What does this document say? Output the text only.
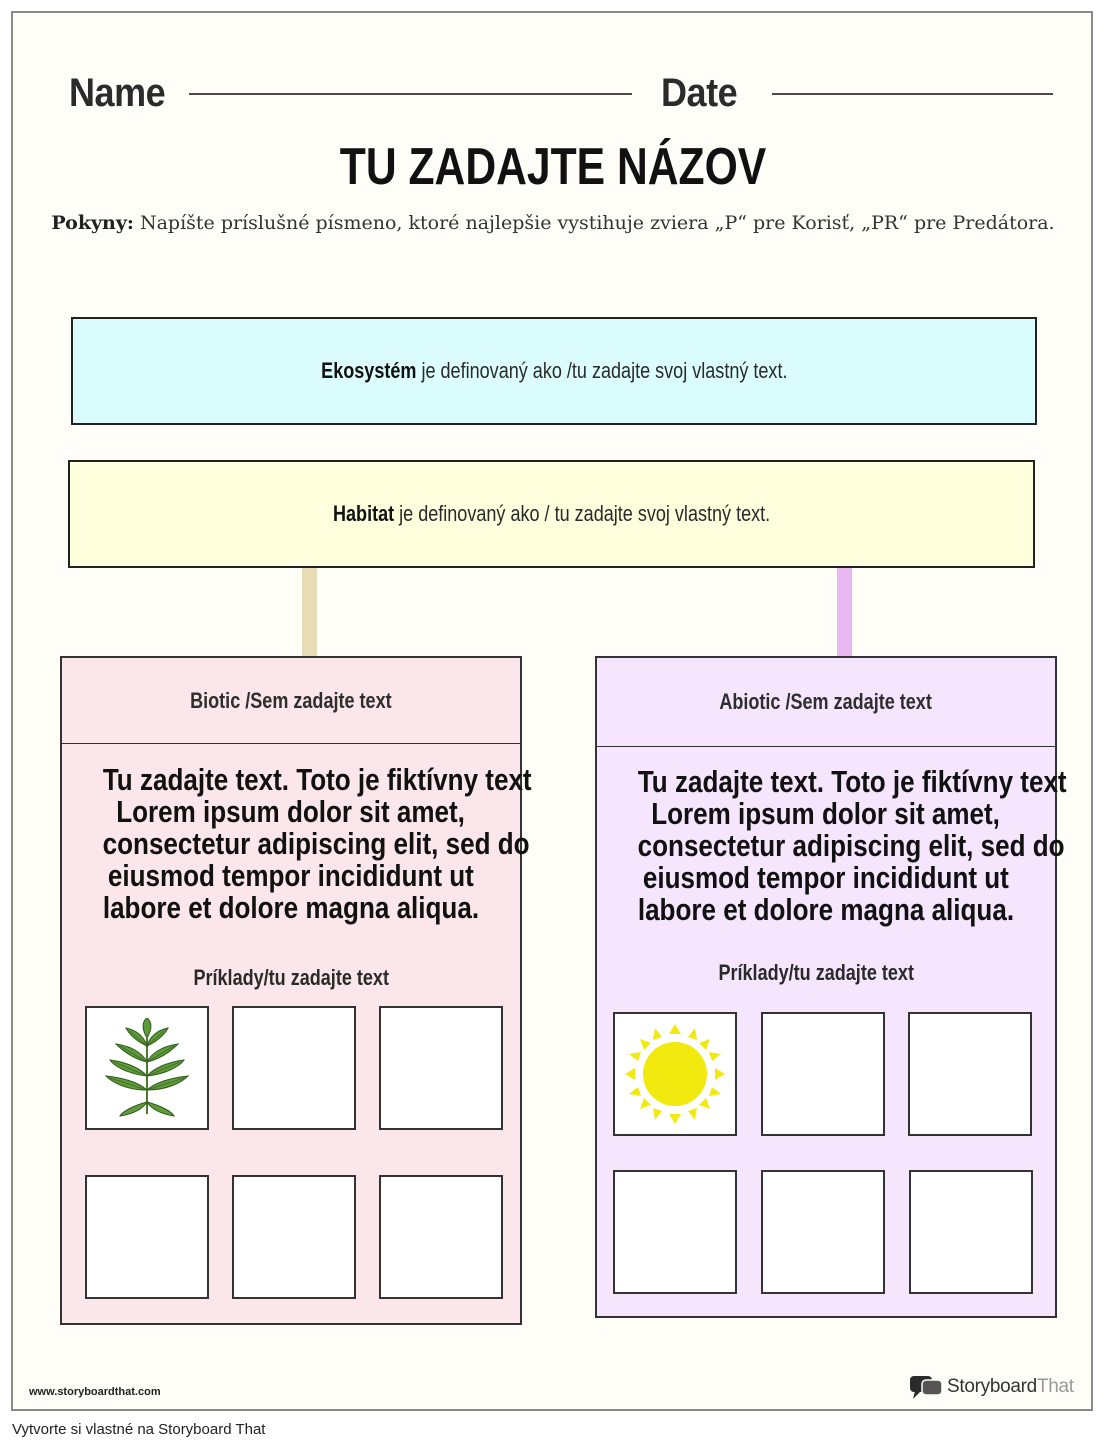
Name	Date
TU ZADAJTE NÁZOV
Pokyny: Napíšte príslušné písmeno, ktoré najlepšie vystihuje zviera „P“ pre Korisť, „PR“ pre Predátora.
Ekosystém je definovaný ako /tu zadajte svoj vlastný text.
Habitat je definovaný ako / tu zadajte svoj vlastný text.
Biotic /Sem zadajte text
Tu zadajte text. Toto je fiktívny text
Lorem ipsum dolor sit amet,
consectetur adipiscing elit, sed do
eiusmod tempor incididunt ut
labore et dolore magna aliqua.
Príklady/tu zadajte text
Abiotic /Sem zadajte text
Tu zadajte text. Toto je fiktívny text
Lorem ipsum dolor sit amet,
consectetur adipiscing elit, sed do
eiusmod tempor incididunt ut
labore et dolore magna aliqua.
Príklady/tu zadajte text
www.storyboardthat.com	StoryboardThat
Vytvorte si vlastné na Storyboard That
